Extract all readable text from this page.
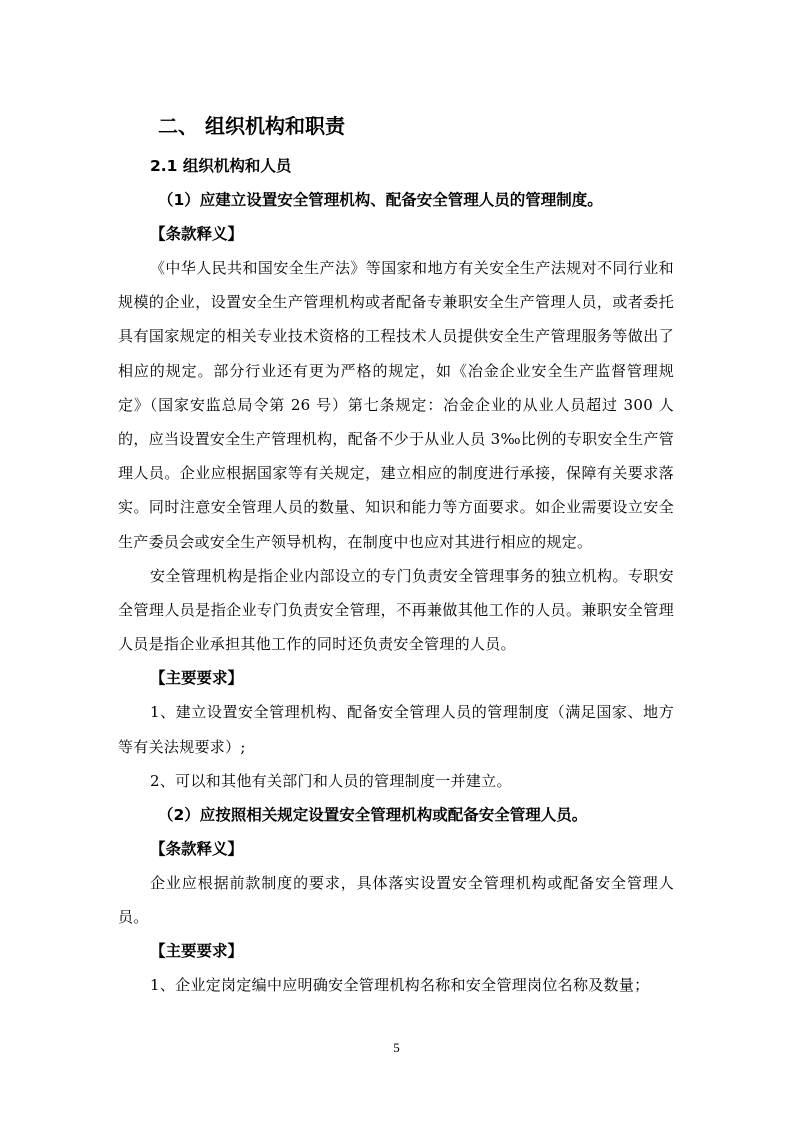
二、 组织机构和职责
2.1 组织机构和人员
（1）应建立设置安全管理机构、配备安全管理人员的管理制度。
【条款释义】

《中华人民共和国安全生产法》等国家和地方有关安全生产法规对不同行业和规模的企业，设置安全生产管理机构或者配备专兼职安全生产管理人员，或者委托具有国家规定的相关专业技术资格的工程技术人员提供安全生产管理服务等做出了相应的规定。部分行业还有更为严格的规定，如《冶金企业安全生产监督管理规定》（国家安监总局令第 26 号）第七条规定：冶金企业的从业人员超过 300 人的，应当设置安全生产管理机构，配备不少于从业人员 3‰比例的专职安全生产管理人员。企业应根据国家等有关规定，建立相应的制度进行承接，保障有关要求落实。同时注意安全管理人员的数量、知识和能力等方面要求。如企业需要设立安全生产委员会或安全生产领导机构，在制度中也应对其进行相应的规定。

安全管理机构是指企业内部设立的专门负责安全管理事务的独立机构。专职安全管理人员是指企业专门负责安全管理，不再兼做其他工作的人员。兼职安全管理人员是指企业承担其他工作的同时还负责安全管理的人员。

【主要要求】

1、建立设置安全管理机构、配备安全管理人员的管理制度（满足国家、地方等有关法规要求）;

2、可以和其他有关部门和人员的管理制度一并建立。

（2）应按照相关规定设置安全管理机构或配备安全管理人员。
【条款释义】

企业应根据前款制度的要求，具体落实设置安全管理机构或配备安全管理人员。

【主要要求】

1、企业定岗定编中应明确安全管理机构名称和安全管理岗位名称及数量；

5
